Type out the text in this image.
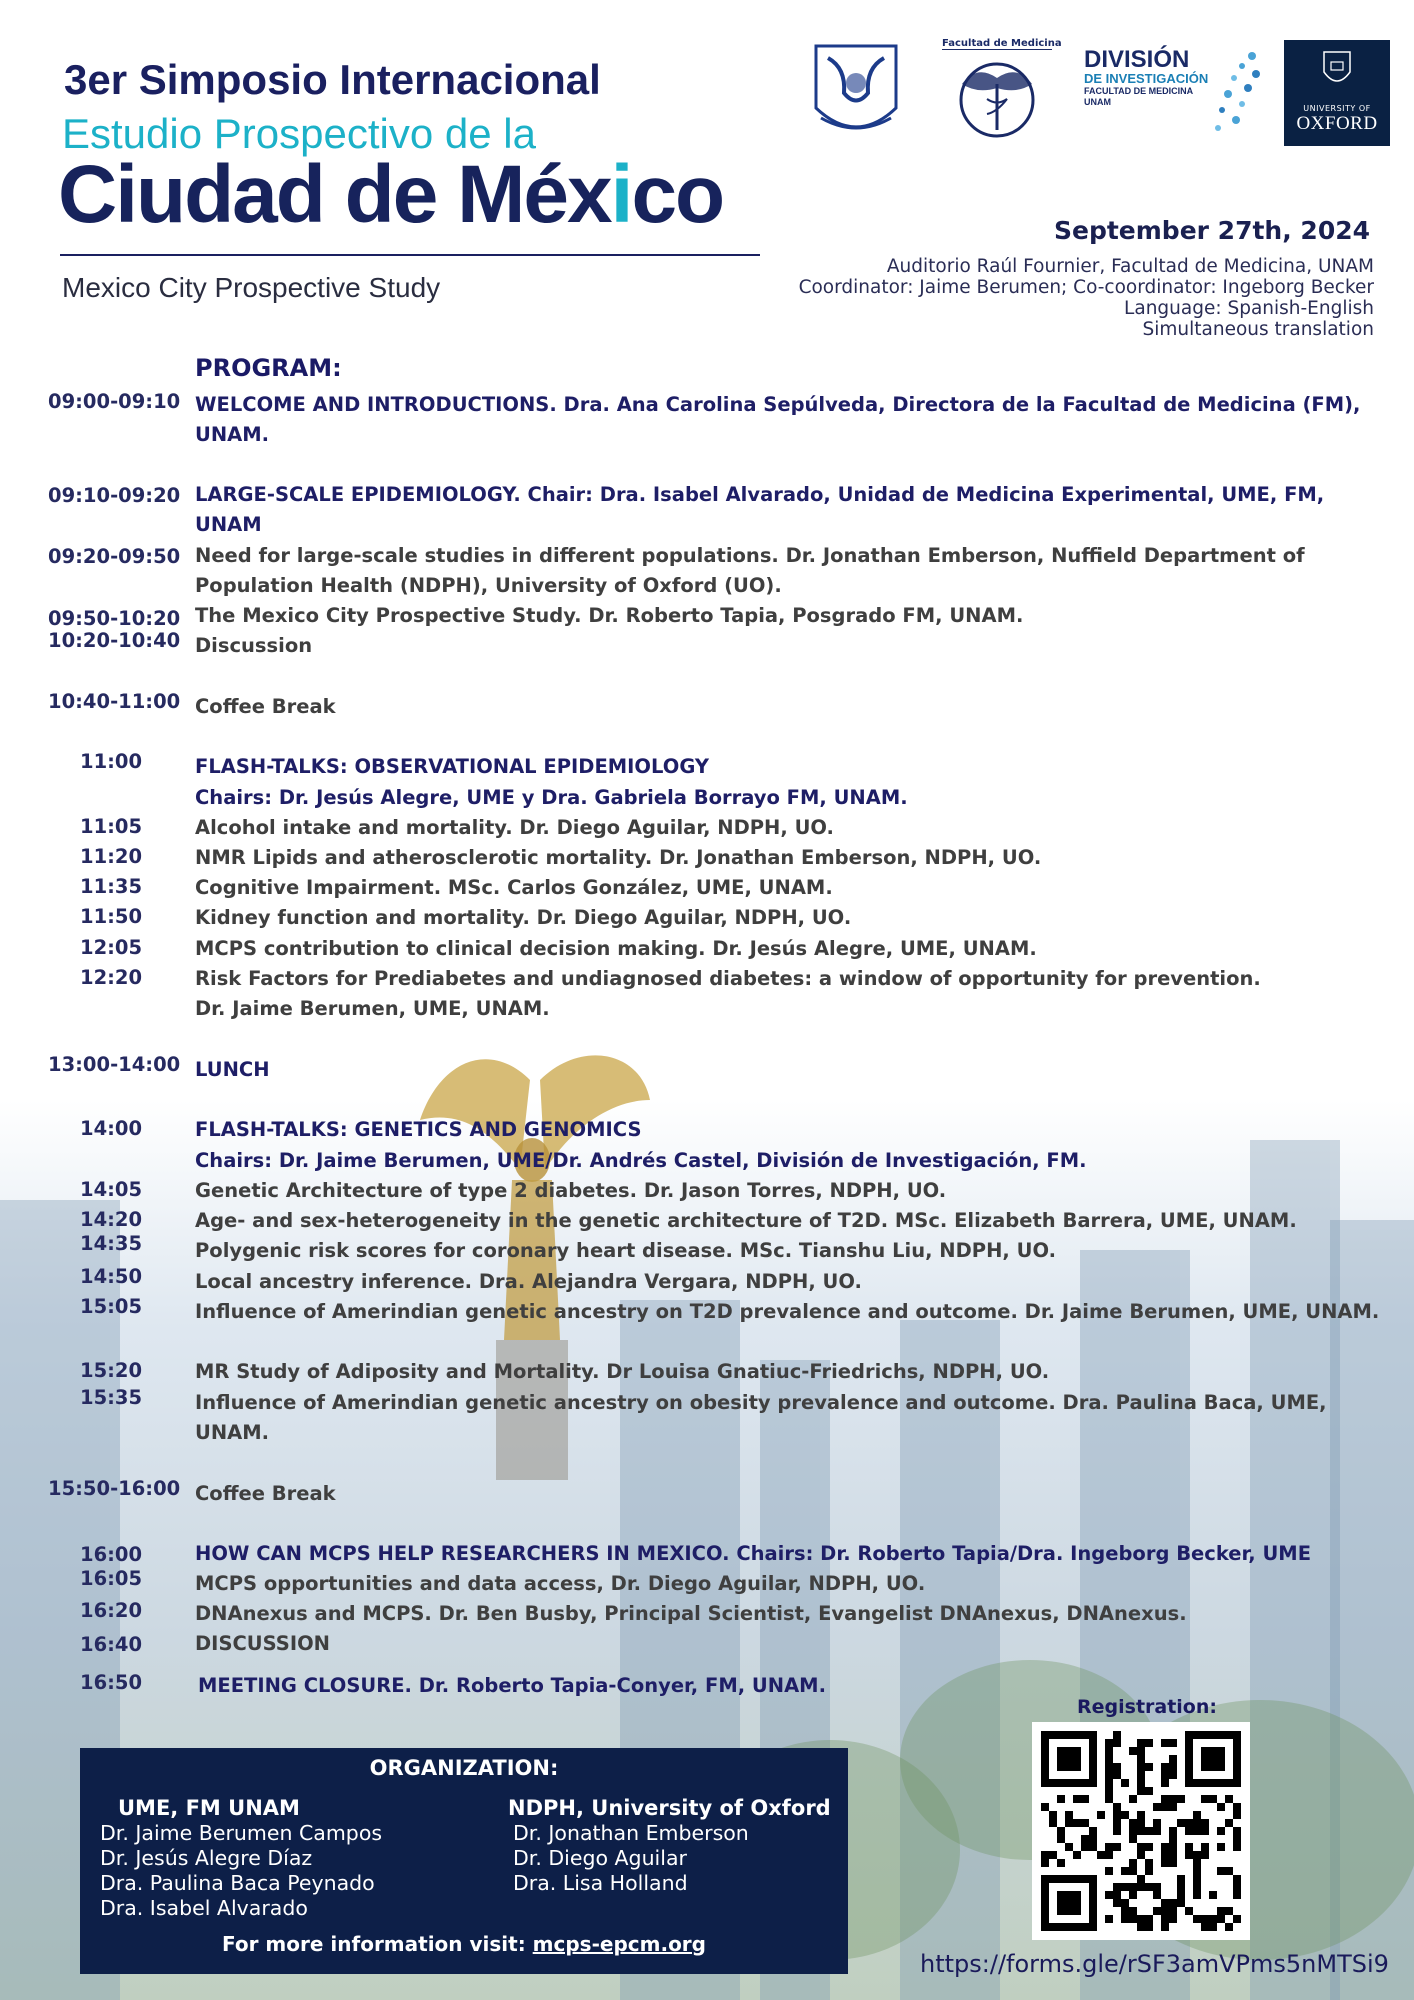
3er Simposio Internacional
Estudio Prospectivo de la
Ciudad de México
Mexico City Prospective Study
Facultad de Medicina
DIVISIÓN
DE INVESTIGACIÓN
FACULTAD DE MEDICINA
UNAM
UNIVERSITY OF
OXFORD
September 27th, 2024
Auditorio Raúl Fournier, Facultad de Medicina, UNAM
Coordinator: Jaime Berumen; Co-coordinator: Ingeborg Becker
Language: Spanish-English
Simultaneous translation
PROGRAM:
09:00-09:10 WELCOME AND INTRODUCTIONS. Dra. Ana Carolina Sepúlveda, Directora de la Facultad de Medicina (FM), UNAM.
09:10-09:20 LARGE-SCALE EPIDEMIOLOGY. Chair: Dra. Isabel Alvarado, Unidad de Medicina Experimental, UME, FM, UNAM
09:20-09:50 Need for large-scale studies in different populations. Dr. Jonathan Emberson, Nuffield Department of Population Health (NDPH), University of Oxford (UO).
09:50-10:20 The Mexico City Prospective Study. Dr. Roberto Tapia, Posgrado FM, UNAM.
10:20-10:40 Discussion
10:40-11:00 Coffee Break
11:00	FLASH-TALKS: OBSERVATIONAL EPIDEMIOLOGY
Chairs: Dr. Jesús Alegre, UME y Dra. Gabriela Borrayo FM, UNAM.
11:05	Alcohol intake and mortality. Dr. Diego Aguilar, NDPH, UO.
11:20	NMR Lipids and atherosclerotic mortality. Dr. Jonathan Emberson, NDPH, UO.
11:35	Cognitive Impairment. MSc. Carlos González, UME, UNAM.
11:50	Kidney function and mortality. Dr. Diego Aguilar, NDPH, UO.
12:05	MCPS contribution to clinical decision making. Dr. Jesús Alegre, UME, UNAM.
12:20	Risk Factors for Prediabetes and undiagnosed diabetes: a window of opportunity for prevention. Dr. Jaime Berumen, UME, UNAM.
13:00-14:00 LUNCH
14:00	FLASH-TALKS: GENETICS AND GENOMICS
Chairs: Dr. Jaime Berumen, UME/Dr. Andrés Castel, División de Investigación, FM.
14:05	Genetic Architecture of type 2 diabetes. Dr. Jason Torres, NDPH, UO.
14:20	Age- and sex-heterogeneity in the genetic architecture of T2D. MSc. Elizabeth Barrera, UME, UNAM.
14:35	Polygenic risk scores for coronary heart disease. MSc. Tianshu Liu, NDPH, UO.
14:50	Local ancestry inference. Dra. Alejandra Vergara, NDPH, UO.
15:05	Influence of Amerindian genetic ancestry on T2D prevalence and outcome. Dr. Jaime Berumen, UME, UNAM.
15:20	MR Study of Adiposity and Mortality. Dr Louisa Gnatiuc-Friedrichs, NDPH, UO.
15:35	Influence of Amerindian genetic ancestry on obesity prevalence and outcome. Dra. Paulina Baca, UME, UNAM.
15:50-16:00 Coffee Break
16:00	HOW CAN MCPS HELP RESEARCHERS IN MEXICO. Chairs: Dr. Roberto Tapia/Dra. Ingeborg Becker, UME
16:05	MCPS opportunities and data access, Dr. Diego Aguilar, NDPH, UO.
16:20	DNAnexus and MCPS. Dr. Ben Busby, Principal Scientist, Evangelist DNAnexus, DNAnexus.
16:40	DISCUSSION
16:50	MEETING CLOSURE. Dr. Roberto Tapia-Conyer, FM, UNAM.
ORGANIZATION:
UME, FM UNAM
Dr. Jaime Berumen Campos
Dr. Jesús Alegre Díaz
Dra. Paulina Baca Peynado
Dra. Isabel Alvarado
NDPH, University of Oxford
Dr. Jonathan Emberson
Dr. Diego Aguilar
Dra. Lisa Holland
For more information visit: mcps-epcm.org
Registration:
https://forms.gle/rSF3amVPms5nMTSi9
